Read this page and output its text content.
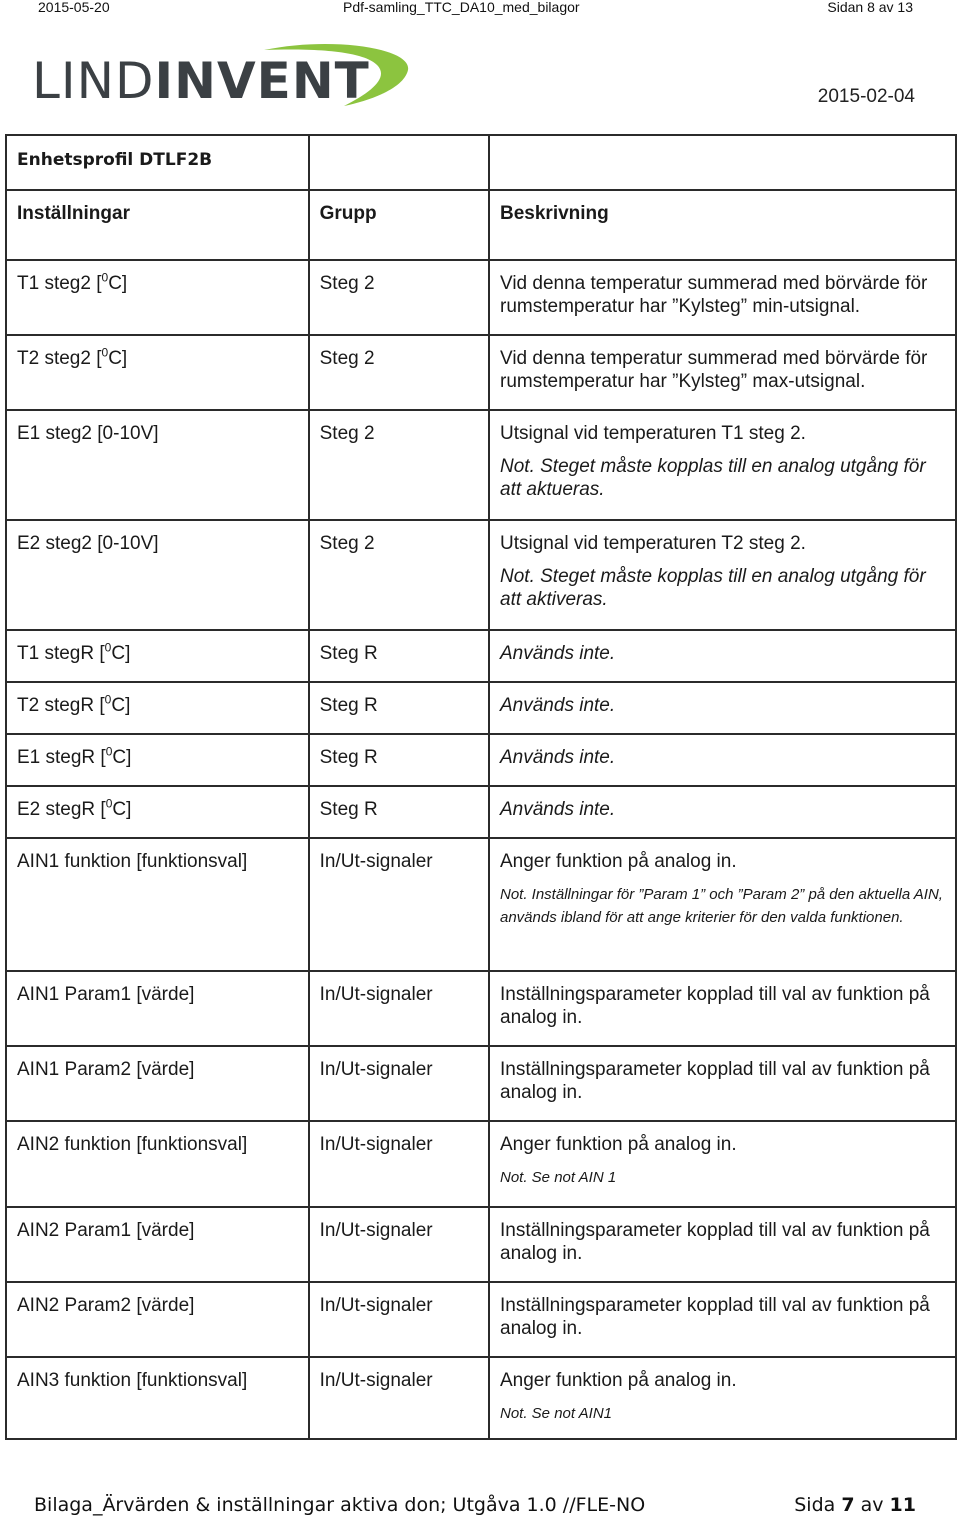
2015-05-20	Pdf-samling_TTC_DA10_med_bilagor	Sidan 8 av 13
LINDINVENT	2015-02-04
Enhetsprofil DTLF2B		
Inställningar	Grupp	Beskrivning
T1 steg2 [$^0$C]	Steg 2	Vid denna temperatur summerad med börvärde för rumstemperatur har ”Kylsteg” min-utsignal.

T2 steg2 [$^0$C]	Steg 2	Vid denna temperatur summerad med börvärde för rumstemperatur har ”Kylsteg” max-utsignal.

E1 steg2 [0-10V]	Steg 2	Utsignal vid temperaturen T1 steg 2.
Not. Steget måste kopplas till en analog utgång för att aktueras.

E2 steg2 [0-10V]	Steg 2	Utsignal vid temperaturen T2 steg 2.
Not. Steget måste kopplas till en analog utgång för att aktiveras.

T1 stegR [$^0$C]	Steg R	Används inte.

T2 stegR [$^0$C]	Steg R	Används inte.

E1 stegR [$^0$C]	Steg R	Används inte.

E2 stegR [$^0$C]	Steg R	Används inte.

AIN1 funktion [funktionsval]	In/Ut-signaler	Anger funktion på analog in.
Not. Inställningar för ”Param 1” och ”Param 2” på den aktuella AIN, används ibland för att ange kriterier för den valda funktionen.

AIN1 Param1 [värde]	In/Ut-signaler	Inställningsparameter kopplad till val av funktion på analog in.

AIN1 Param2 [värde]	In/Ut-signaler	Inställningsparameter kopplad till val av funktion på analog in.

AIN2 funktion [funktionsval]	In/Ut-signaler	Anger funktion på analog in.
Not. Se not AIN 1

AIN2 Param1 [värde]	In/Ut-signaler	Inställningsparameter kopplad till val av funktion på analog in.

AIN2 Param2 [värde]	In/Ut-signaler	Inställningsparameter kopplad till val av funktion på analog in.

AIN3 funktion [funktionsval]	In/Ut-signaler	Anger funktion på analog in.
Not. Se not AIN1
Bilaga_Ärvärden & inställningar aktiva don; Utgåva 1.0 //FLE-NO	Sida 7 av 11
